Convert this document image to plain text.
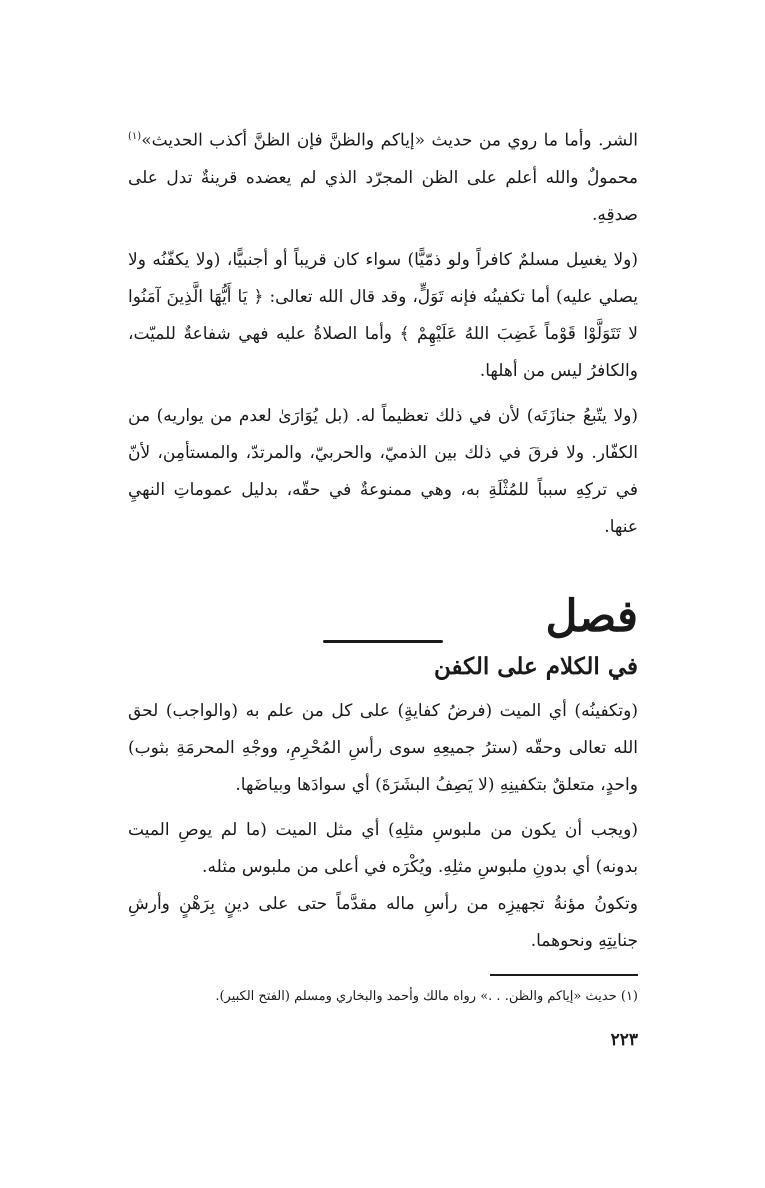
الشر. وأما ما روي من حديث «إياكم والظنَّ فإن الظنَّ أكذب الحديث»$^{(١)}$ محمولٌ والله أعلم على الظن المجرّد الذي لم يعضده قرينةٌ تدل على صدقِهِ.

(ولا يغسِل مسلمٌ كافراً ولو ذمّيًّا) سواء كان قريباً أو أجنبيًّا، (ولا يكفّنُه ولا يصلي عليه) أما تكفينُه فإنه تَوَلٍّ، وقد قال الله تعالى: ﴿ يَا أَيُّهَا الَّذِينَ آمَنُوا لا تَتَوَلَّوْا قَوْماً غَضِبَ اللهُ عَلَيْهِمْ ﴾ وأما الصلاةُ عليه فهي شفاعةٌ للميّت، والكافرُ ليس من أهلها.

(ولا يتّبعُ جنازَتَه) لأن في ذلك تعظيماً له. (بل يُوَارَىٰ لعدم من يواريه) من الكفّار. ولا فرقَ في ذلك بين الذميّ، والحربيّ، والمرتدّ، والمستأمِن، لأنّ في تركِهِ سبباً للمُثْلَةِ به، وهي ممنوعةٌ في حقّه، بدليل عموماتِ النهيِ عنها.

فصل
في الكلام على الكفن

(وتكفينُه) أي الميت (فرضُ كفايةٍ) على كل من علم به (والواجب) لحق الله تعالى وحقّه (سترُ جميعِهِ سوى رأسِ المُحْرِمِ، ووجْهِ المحرمَةِ بثوب) واحدٍ، متعلقٌ بتكفينِهِ (لا يَصِفُ البشَرَةَ) أي سوادَها وبياضَها.

(ويجب أن يكون من ملبوسِ مثلِهِ) أي مثل الميت (ما لم يوصِ الميت بدونه) أي بدونِ ملبوسِ مثلِهِ. ويُكْرَه في أعلى من ملبوس مثله.

وتكونُ مؤنةُ تجهيزِه من رأسِ ماله مقدَّماً حتى على دينٍ بِرَهْنٍ وأرشِ جنايتِهِ ونحوهما.

(١) حديث «إياكم والظن. . .» رواه مالك وأحمد والبخاري ومسلم (الفتح الكبير).
٢٢٣
